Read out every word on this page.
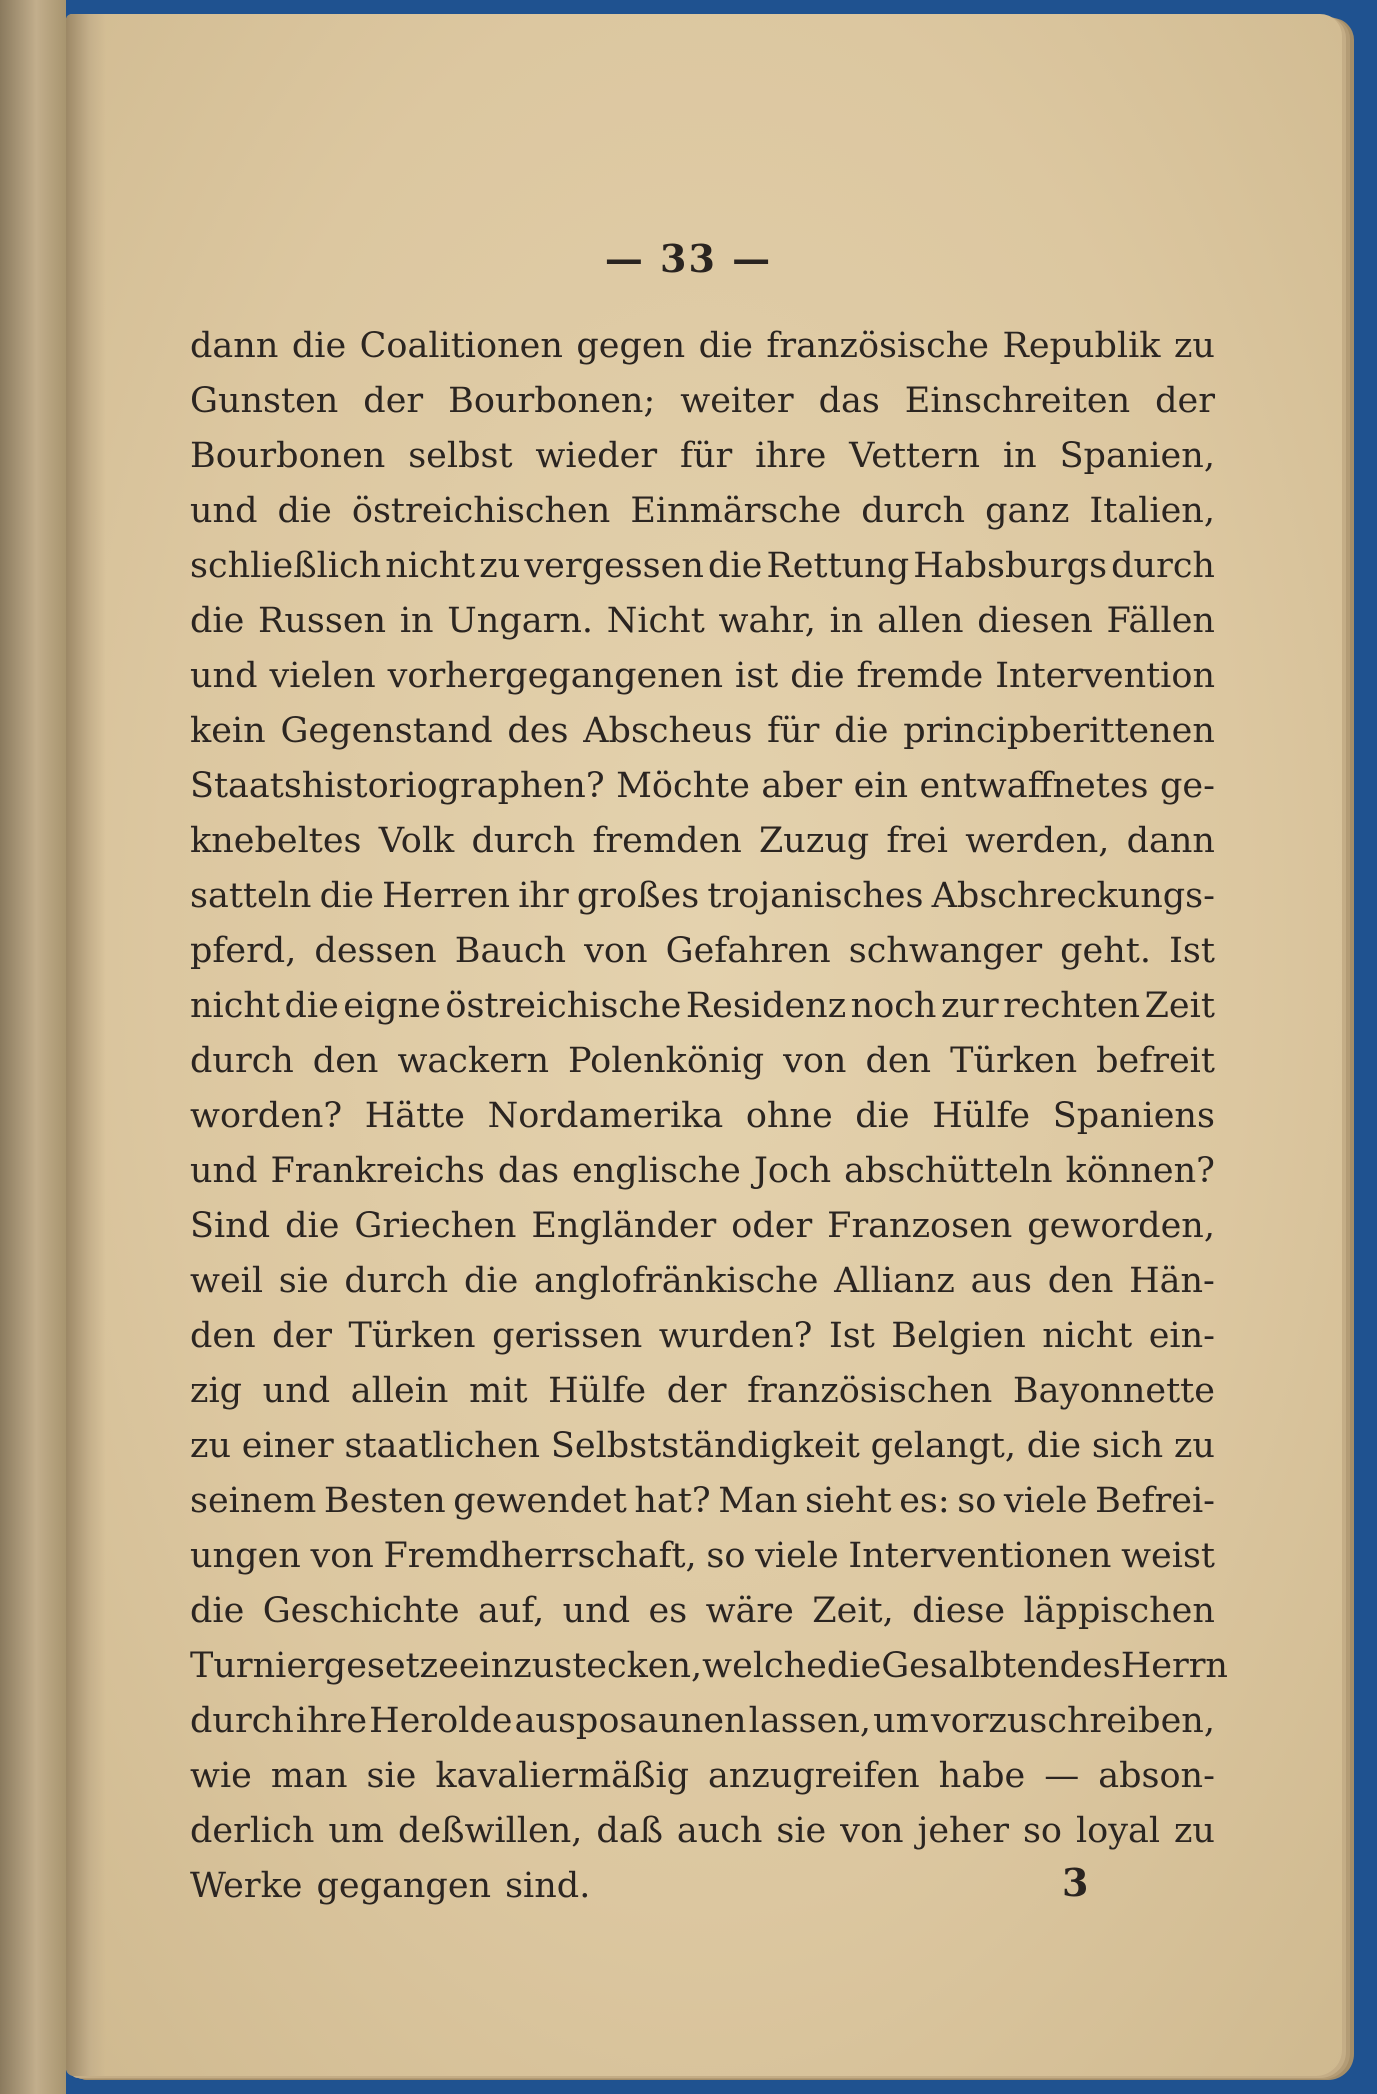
— 33 —
dann die Coalitionen gegen die französische Republik zu
Gunsten der Bourbonen; weiter das Einschreiten der
Bourbonen selbst wieder für ihre Vettern in Spanien,
und die östreichischen Einmärsche durch ganz Italien,
schließlich nicht zu vergessen die Rettung Habsburgs durch
die Russen in Ungarn. Nicht wahr, in allen diesen Fällen
und vielen vorhergegangenen ist die fremde Intervention
kein Gegenstand des Abscheus für die principberittenen
Staatshistoriographen? Möchte aber ein entwaffnetes ge-
knebeltes Volk durch fremden Zuzug frei werden, dann
satteln die Herren ihr großes trojanisches Abschreckungs-
pferd, dessen Bauch von Gefahren schwanger geht. Ist
nicht die eigne östreichische Residenz noch zur rechten Zeit
durch den wackern Polenkönig von den Türken befreit
worden? Hätte Nordamerika ohne die Hülfe Spaniens
und Frankreichs das englische Joch abschütteln können?
Sind die Griechen Engländer oder Franzosen geworden,
weil sie durch die anglofränkische Allianz aus den Hän-
den der Türken gerissen wurden? Ist Belgien nicht ein-
zig und allein mit Hülfe der französischen Bayonnette
zu einer staatlichen Selbstständigkeit gelangt, die sich zu
seinem Besten gewendet hat? Man sieht es: so viele Befrei-
ungen von Fremdherrschaft, so viele Interventionen weist
die Geschichte auf, und es wäre Zeit, diese läppischen
Turniergesetze einzustecken, welche die Gesalbten des Herrn
durch ihre Herolde ausposaunen lassen, um vorzuschreiben,
wie man sie kavaliermäßig anzugreifen habe — abson-
derlich um deßwillen, daß auch sie von jeher so loyal zu
Werke gegangen sind.	3
